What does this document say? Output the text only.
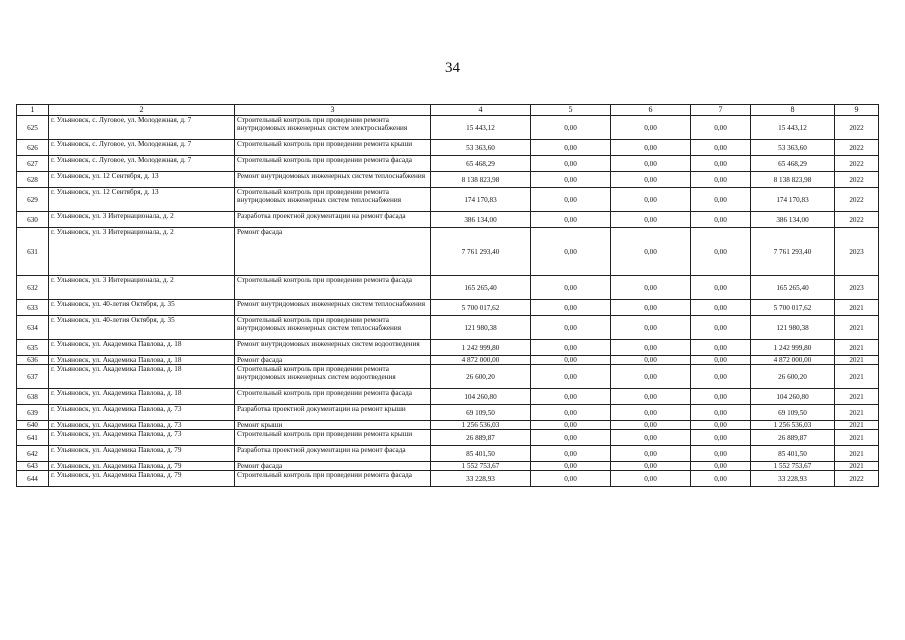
34
1	2	3	4	5	6	7	8	9
625	г. Ульяновск, с. Луговое, ул. Молодежная, д. 7	Строительный контроль при проведении ремонта внутридомовых инженерных систем электроснабжения	15 443,12	0,00	0,00	0,00	15 443,12	2022
626	г. Ульяновск, с. Луговое, ул. Молодежная, д. 7	Строительный контроль при проведении ремонта крыши	53 363,60	0,00	0,00	0,00	53 363,60	2022
627	г. Ульяновск, с. Луговое, ул. Молодежная, д. 7	Строительный контроль при проведении ремонта фасада	65 468,29	0,00	0,00	0,00	65 468,29	2022
628	г. Ульяновск, ул. 12 Сентября, д. 13	Ремонт внутридомовых инженерных систем теплоснабжения	8 138 823,98	0,00	0,00	0,00	8 138 823,98	2022
629	г. Ульяновск, ул. 12 Сентября, д. 13	Строительный контроль при проведении ремонта внутридомовых инженерных систем теплоснабжения	174 170,83	0,00	0,00	0,00	174 170,83	2022
630	г. Ульяновск, ул. 3 Интернационала, д. 2	Разработка проектной документации на ремонт фасада	386 134,00	0,00	0,00	0,00	386 134,00	2022
631	г. Ульяновск, ул. 3 Интернационала, д. 2	Ремонт фасада	7 761 293,40	0,00	0,00	0,00	7 761 293,40	2023
632	г. Ульяновск, ул. 3 Интернационала, д. 2	Строительный контроль при проведении ремонта фасада	165 265,40	0,00	0,00	0,00	165 265,40	2023
633	г. Ульяновск, ул. 40-летия Октября, д. 35	Ремонт внутридомовых инженерных систем теплоснабжения	5 700 017,62	0,00	0,00	0,00	5 700 017,62	2021
634	г. Ульяновск, ул. 40-летия Октября, д. 35	Строительный контроль при проведении ремонта внутридомовых инженерных систем теплоснабжения	121 980,38	0,00	0,00	0,00	121 980,38	2021
635	г. Ульяновск, ул. Академика Павлова, д. 18	Ремонт внутридомовых инженерных систем водоотведения	1 242 999,80	0,00	0,00	0,00	1 242 999,80	2021
636	г. Ульяновск, ул. Академика Павлова, д. 18	Ремонт фасада	4 872 000,00	0,00	0,00	0,00	4 872 000,00	2021
637	г. Ульяновск, ул. Академика Павлова, д. 18	Строительный контроль при проведении ремонта внутридомовых инженерных систем водоотведения	26 600,20	0,00	0,00	0,00	26 600,20	2021
638	г. Ульяновск, ул. Академика Павлова, д. 18	Строительный контроль при проведении ремонта фасада	104 260,80	0,00	0,00	0,00	104 260,80	2021
639	г. Ульяновск, ул. Академика Павлова, д. 73	Разработка проектной документации на ремонт крыши	69 109,50	0,00	0,00	0,00	69 109,50	2021
640	г. Ульяновск, ул. Академика Павлова, д. 73	Ремонт крыши	1 256 536,03	0,00	0,00	0,00	1 256 536,03	2021
641	г. Ульяновск, ул. Академика Павлова, д. 73	Строительный контроль при проведении ремонта крыши	26 889,87	0,00	0,00	0,00	26 889,87	2021
642	г. Ульяновск, ул. Академика Павлова, д. 79	Разработка проектной документации на ремонт фасада	85 401,50	0,00	0,00	0,00	85 401,50	2021
643	г. Ульяновск, ул. Академика Павлова, д. 79	Ремонт фасада	1 552 753,67	0,00	0,00	0,00	1 552 753,67	2021
644	г. Ульяновск, ул. Академика Павлова, д. 79	Строительный контроль при проведении ремонта фасада	33 228,93	0,00	0,00	0,00	33 228,93	2022
